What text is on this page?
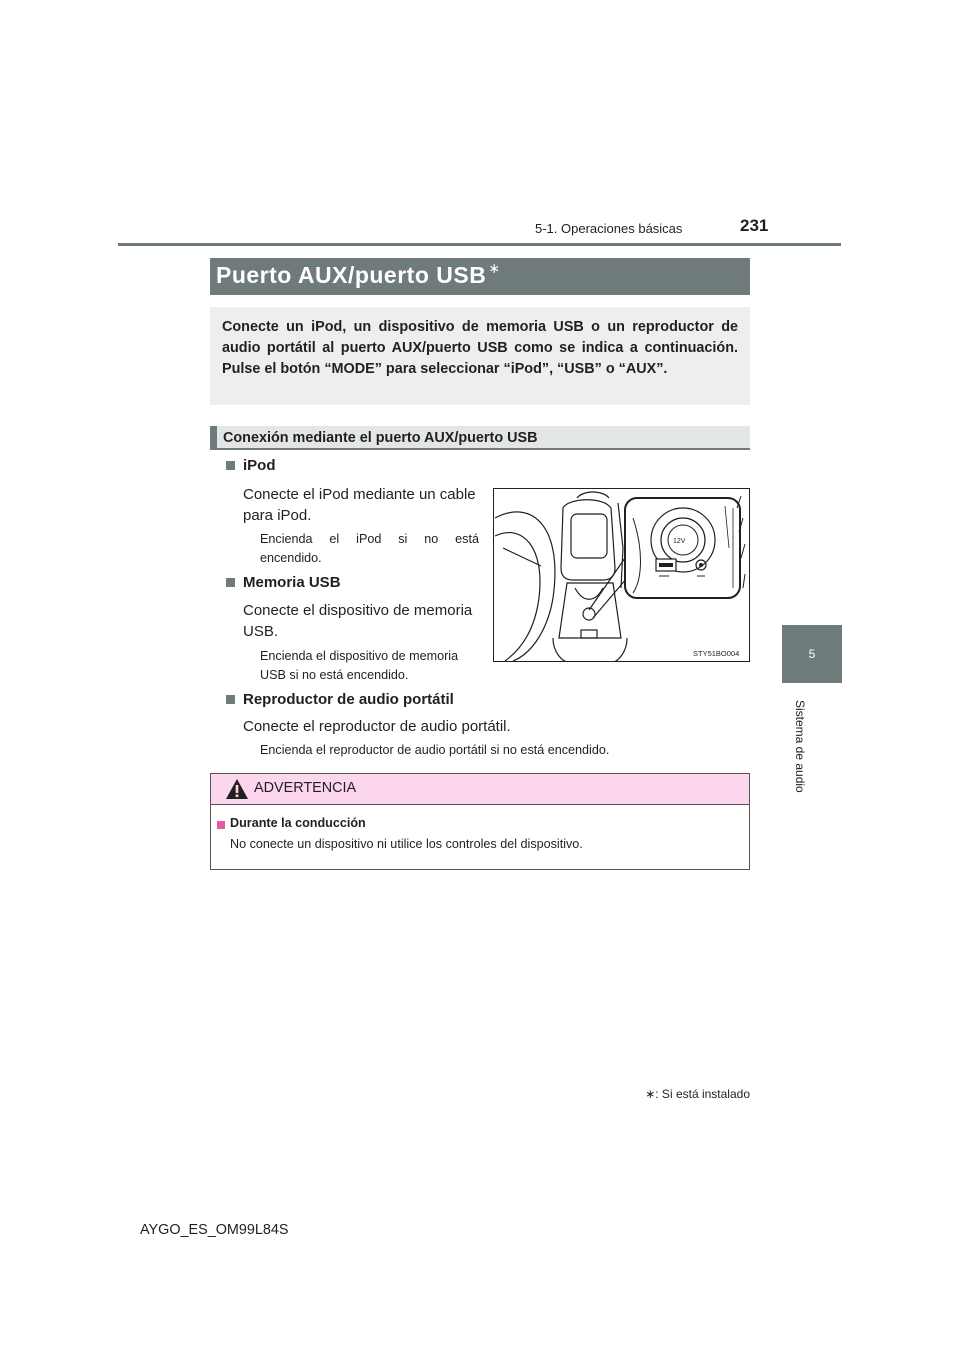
5-1. Operaciones básicas	231
5
Sistema de audio
Puerto AUX/puerto USB ∗
Conecte un iPod, un dispositivo de memoria USB o un reproductor de audio portátil al puerto AUX/puerto USB como se indica a continuación. Pulse el botón “MODE” para seleccionar “iPod”, “USB” o “AUX”.
Conexión mediante el puerto AUX/puerto USB
iPod
Conecte el iPod mediante un cable
para iPod.
Encienda el iPod si no está
encendido.
Memoria USB
Conecte el dispositivo de memoria
USB.
Encienda el dispositivo de memoria
USB si no está encendido.
Reproductor de audio portátil
Conecte el reproductor de audio portátil.
Encienda el reproductor de audio portátil si no está encendido.
12V
STY51BO004
ADVERTENCIA
Durante la conducción
No conecte un dispositivo ni utilice los controles del dispositivo.
∗: Si está instalado
AYGO_ES_OM99L84S
